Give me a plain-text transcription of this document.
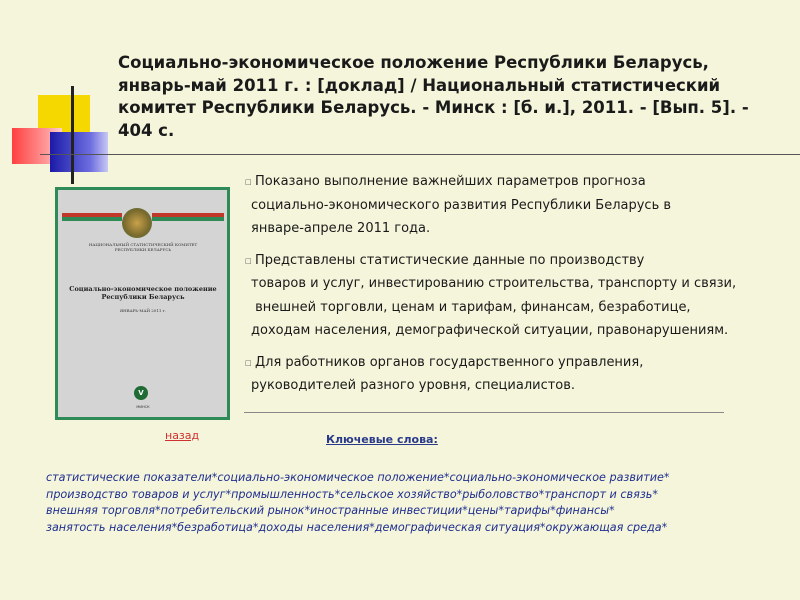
Социально-экономическое положение Республики Беларусь, январь-май 2011 г. : [доклад] / Национальный статистический комитет Республики Беларусь. - Минск : [б. и.], 2011. - [Вып. 5]. - 404 с.
НАЦИОНАЛЬНЫЙ СТАТИСТИЧЕСКИЙ КОМИТЕТ РЕСПУБЛИКИ БЕЛАРУСЬ
Социально-экономическое положение Республики Беларусь
ЯНВАРЬ-МАЙ 2011 г.
V
МИНСК
□ Показано выполнение важнейших параметров прогноза
социально-экономического развития Республики Беларусь в
январе-апреле 2011 года.
□ Представлены статистические данные по производству
товаров и услуг, инвестированию строительства, транспорту и связи,
внешней торговли, ценам и тарифам, финансам, безработице,
доходам населения, демографической ситуации, правонарушениям.
□ Для работников органов государственного управления,
руководителей разного уровня, специалистов.
назад	Ключевые слова:

статистические показатели*социально-экономическое положение*социально-экономическое развитие*
производство товаров и услуг*промышленность*сельское хозяйство*рыболовство*транспорт и связь*
внешняя торговля*потребительский рынок*иностранные инвестиции*цены*тарифы*финансы*
занятость населения*безработица*доходы населения*демографическая ситуация*окружающая среда*
